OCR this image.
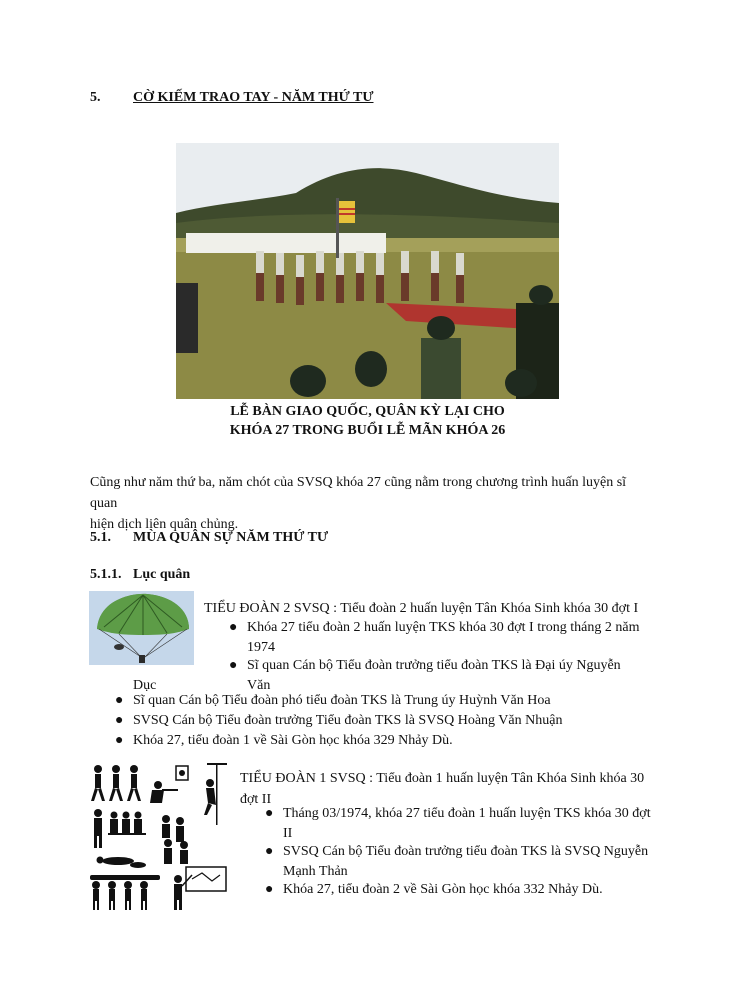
5. CỜ KIẾM TRAO TAY - NĂM THỨ TƯ
LỄ BÀN GIAO QUỐC, QUÂN KỲ LẠI CHO
KHÓA 27 TRONG BUỔI LỄ MÃN KHÓA 26
Cũng như năm thứ ba, năm chót của SVSQ khóa 27 cũng nằm trong chương trình huấn luyện sĩ quan
hiện dịch liên quân chủng.
5.1. MÙA QUÂN SỰ NĂM THỨ TƯ
5.1.1. Lục quân
TIỂU ĐOÀN 2 SVSQ : Tiểu đoàn 2 huấn luyện Tân Khóa Sinh khóa 30 đợt I
● Khóa 27 tiểu đoàn 2 huấn luyện TKS khóa 30 đợt I trong tháng 2 năm
1974
● Sĩ quan Cán bộ Tiểu đoàn trưởng tiểu đoàn TKS là Đại úy Nguyễn Văn
Dục
● Sĩ quan Cán bộ Tiểu đoàn phó tiểu đoàn TKS là Trung úy Huỳnh Văn Hoa
● SVSQ Cán bộ Tiểu đoàn trưởng Tiểu đoàn TKS là SVSQ Hoàng Văn Nhuận
● Khóa 27, tiểu đoàn 1 về Sài Gòn học khóa 329 Nhảy Dù.
TIỂU ĐOÀN 1 SVSQ : Tiểu đoàn 1 huấn luyện Tân Khóa Sinh khóa 30
đợt II
● Tháng 03/1974, khóa 27 tiểu đoàn 1 huấn luyện TKS khóa 30 đợt
II
● SVSQ Cán bộ Tiểu đoàn trưởng tiểu đoàn TKS là SVSQ Nguyễn
Mạnh Thản
● Khóa 27, tiểu đoàn 2 về Sài Gòn học khóa 332 Nhảy Dù.
